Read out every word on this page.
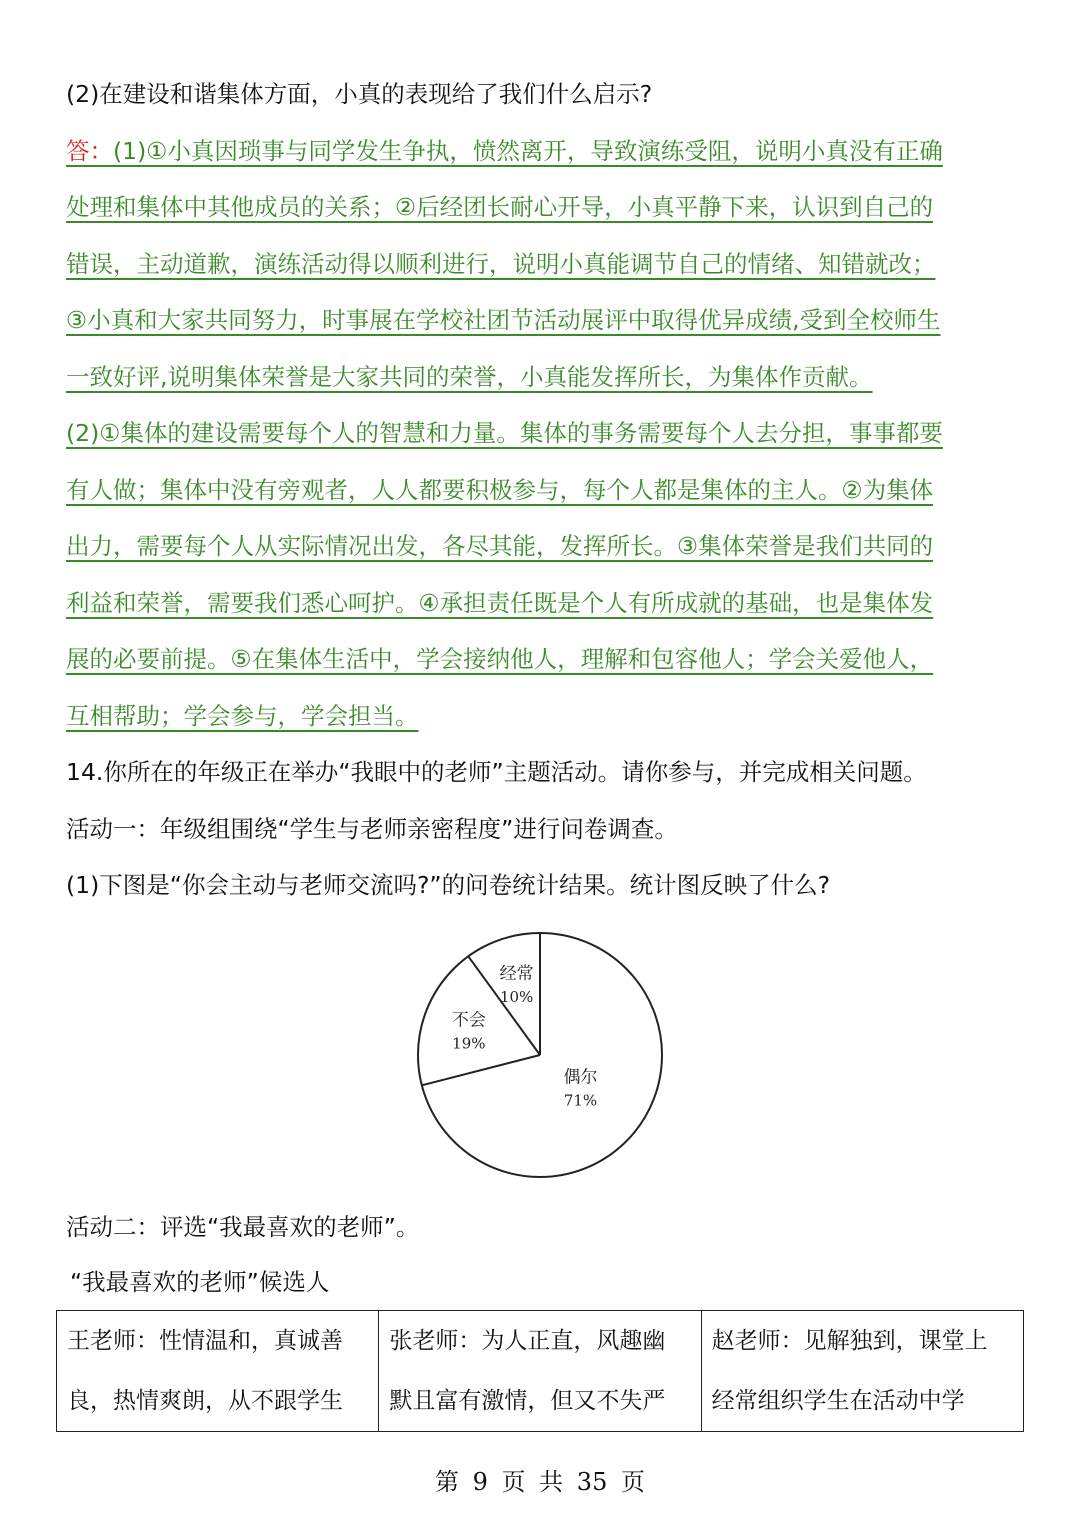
(2)在建设和谐集体方面，小真的表现给了我们什么启示?
答：(1)①小真因琐事与同学发生争执，愤然离开，导致演练受阻，说明小真没有正确
处理和集体中其他成员的关系；②后经团长耐心开导，小真平静下来，认识到自己的
错误，主动道歉，演练活动得以顺利进行，说明小真能调节自己的情绪、知错就改；
③小真和大家共同努力，时事展在学校社团节活动展评中取得优异成绩,受到全校师生
一致好评,说明集体荣誉是大家共同的荣誉，小真能发挥所长，为集体作贡献。
(2)①集体的建设需要每个人的智慧和力量。集体的事务需要每个人去分担，事事都要
有人做；集体中没有旁观者，人人都要积极参与，每个人都是集体的主人。②为集体
出力，需要每个人从实际情况出发，各尽其能，发挥所长。③集体荣誉是我们共同的
利益和荣誉，需要我们悉心呵护。④承担责任既是个人有所成就的基础，也是集体发
展的必要前提。⑤在集体生活中，学会接纳他人，理解和包容他人；学会关爱他人，
互相帮助；学会参与，学会担当。
14.你所在的年级正在举办“我眼中的老师”主题活动。请你参与，并完成相关问题。
活动一：年级组围绕“学生与老师亲密程度”进行问卷调查。
(1)下图是“你会主动与老师交流吗?”的问卷统计结果。统计图反映了什么?
经常
10%
不会
19%
偶尔
71%
活动二：评选“我最喜欢的老师”。
“我最喜欢的老师”候选人
王老师：性情温和，真诚善
良，热情爽朗，从不跟学生

张老师：为人正直，风趣幽
默且富有激情，但又不失严

赵老师：见解独到，课堂上
经常组织学生在活动中学
第 9 页 共 35 页
